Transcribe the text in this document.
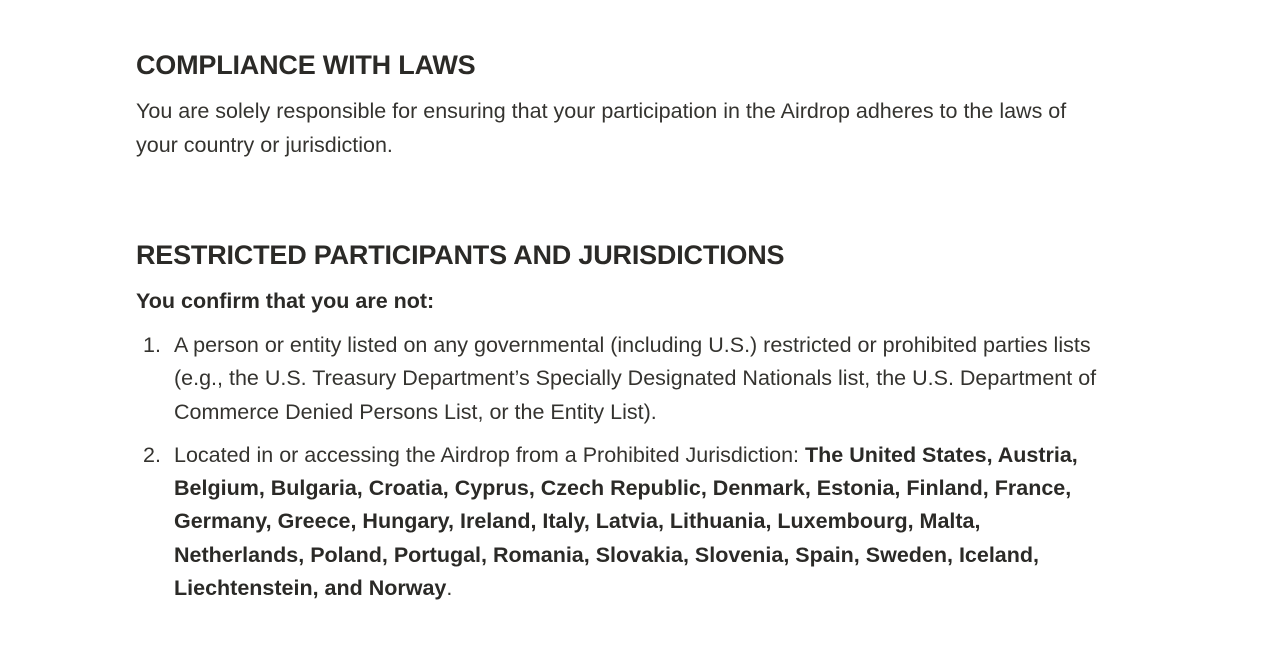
COMPLIANCE WITH LAWS

You are solely responsible for ensuring that your participation in the Airdrop adheres to the laws of your country or jurisdiction.

RESTRICTED PARTICIPANTS AND JURISDICTIONS

You confirm that you are not:

1. A person or entity listed on any governmental (including U.S.) restricted or prohibited parties lists (e.g., the U.S. Treasury Department’s Specially Designated Nationals list, the U.S. Department of Commerce Denied Persons List, or the Entity List).
2. Located in or accessing the Airdrop from a Prohibited Jurisdiction: The United States, Austria, Belgium, Bulgaria, Croatia, Cyprus, Czech Republic, Denmark, Estonia, Finland, France, Germany, Greece, Hungary, Ireland, Italy, Latvia, Lithuania, Luxembourg, Malta, Netherlands, Poland, Portugal, Romania, Slovakia, Slovenia, Spain, Sweden, Iceland, Liechtenstein, and Norway.
